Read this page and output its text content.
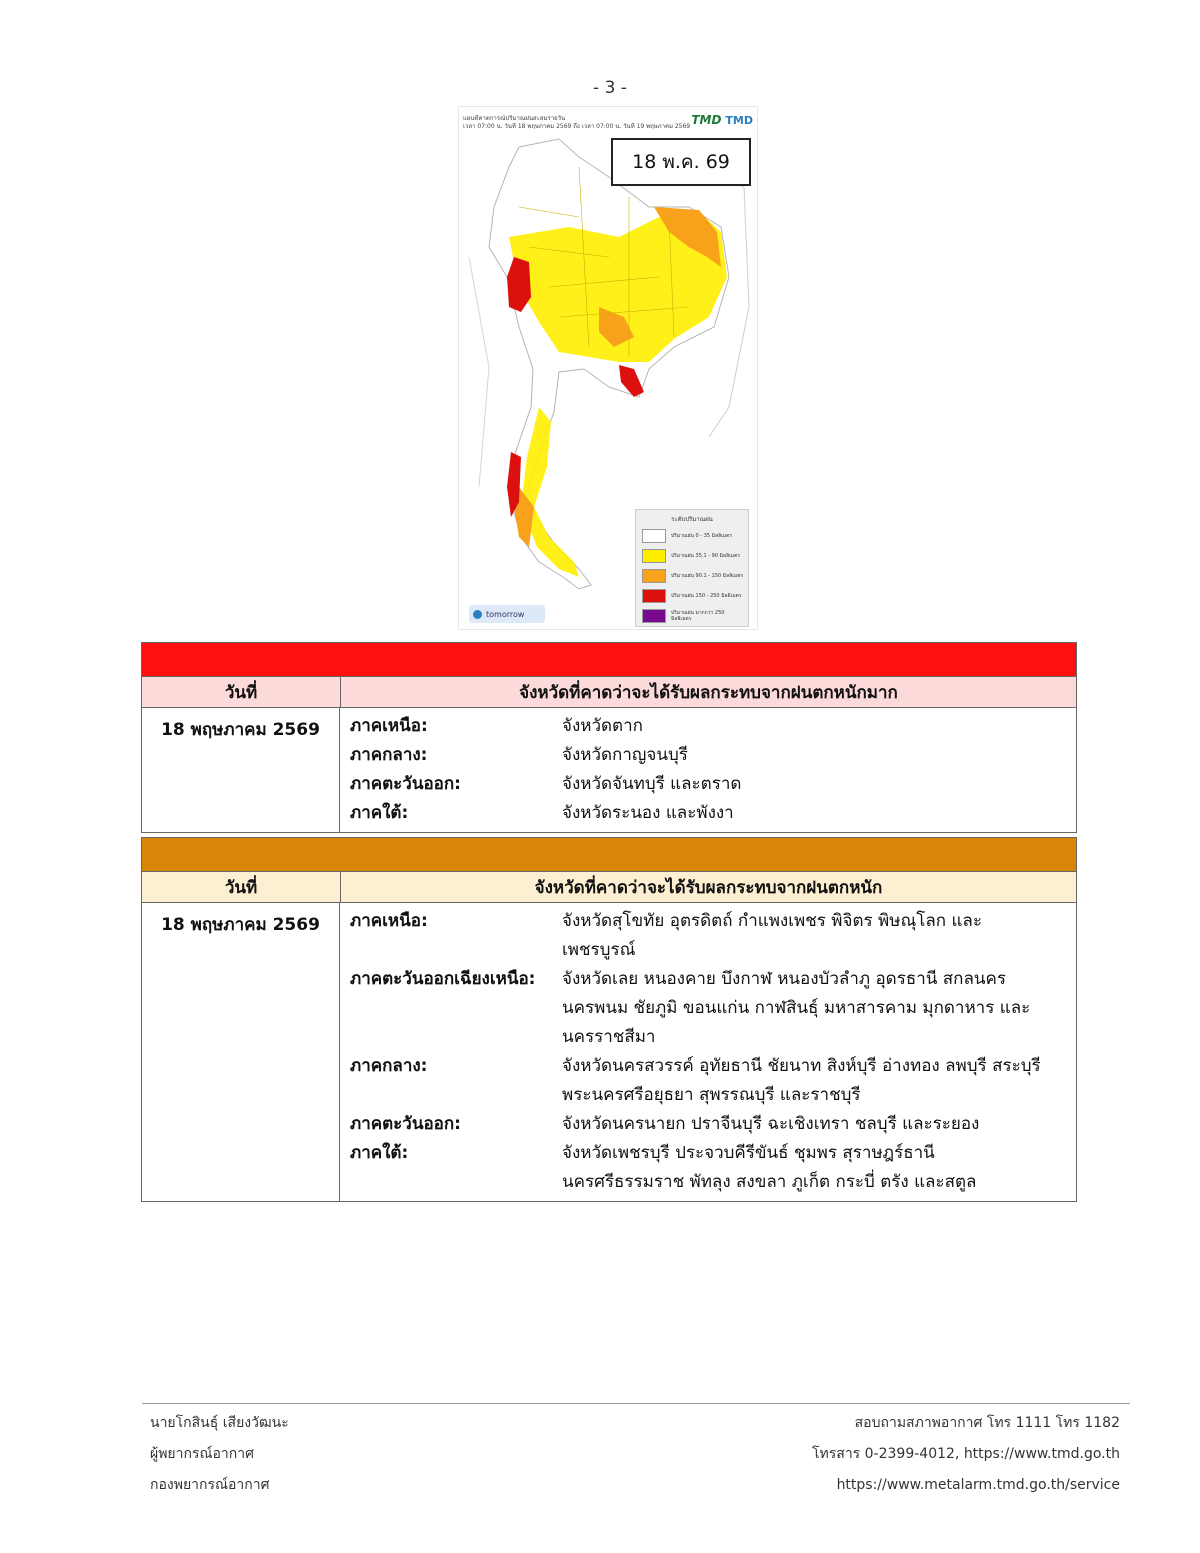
- 3 -
แผนที่คาดการณ์ปริมาณฝนสะสมรายวัน
เวลา 07:00 น. วันที่ 18 พฤษภาคม 2569 ถึง เวลา 07:00 น. วันที่ 19 พฤษภาคม 2569 TMD TMD
18 พ.ค. 69
ระดับปริมาณฝน
ปริมาณฝน 0 - 35 มิลลิเมตร
ปริมาณฝน 35.1 - 90 มิลลิเมตร
ปริมาณฝน 90.1 - 150 มิลลิเมตร
ปริมาณฝน 150 - 250 มิลลิเมตร
ปริมาณฝน มากกว่า 250 มิลลิเมตร
tomorrow
วันที่	จังหวัดที่คาดว่าจะได้รับผลกระทบจากฝนตกหนักมาก
18 พฤษภาคม 2569	ภาคเหนือ:	จังหวัดตาก
ภาคกลาง:	จังหวัดกาญจนบุรี
ภาคตะวันออก:	จังหวัดจันทบุรี และตราด
ภาคใต้:	จังหวัดระนอง และพังงา
วันที่	จังหวัดที่คาดว่าจะได้รับผลกระทบจากฝนตกหนัก
18 พฤษภาคม 2569	ภาคเหนือ:	จังหวัดสุโขทัย อุตรดิตถ์ กำแพงเพชร พิจิตร พิษณุโลก และเพชรบูรณ์
ภาคตะวันออกเฉียงเหนือ:	จังหวัดเลย หนองคาย บึงกาฬ หนองบัวลำภู อุดรธานี สกลนคร นครพนม ชัยภูมิ ขอนแก่น กาฬสินธุ์ มหาสารคาม มุกดาหาร และนครราชสีมา
ภาคกลาง:	จังหวัดนครสวรรค์ อุทัยธานี ชัยนาท สิงห์บุรี อ่างทอง ลพบุรี สระบุรี พระนครศรีอยุธยา สุพรรณบุรี และราชบุรี
ภาคตะวันออก:	จังหวัดนครนายก ปราจีนบุรี ฉะเชิงเทรา ชลบุรี และระยอง
ภาคใต้:	จังหวัดเพชรบุรี ประจวบคีรีขันธ์ ชุมพร สุราษฎร์ธานี นครศรีธรรมราช พัทลุง สงขลา ภูเก็ต กระบี่ ตรัง และสตูล
นายโกสินธุ์ เสียงวัฒนะ
ผู้พยากรณ์อากาศ
กองพยากรณ์อากาศ
สอบถามสภาพอากาศ โทร 1111 โทร 1182
โทรสาร 0-2399-4012, https://www.tmd.go.th
https://www.metalarm.tmd.go.th/service
